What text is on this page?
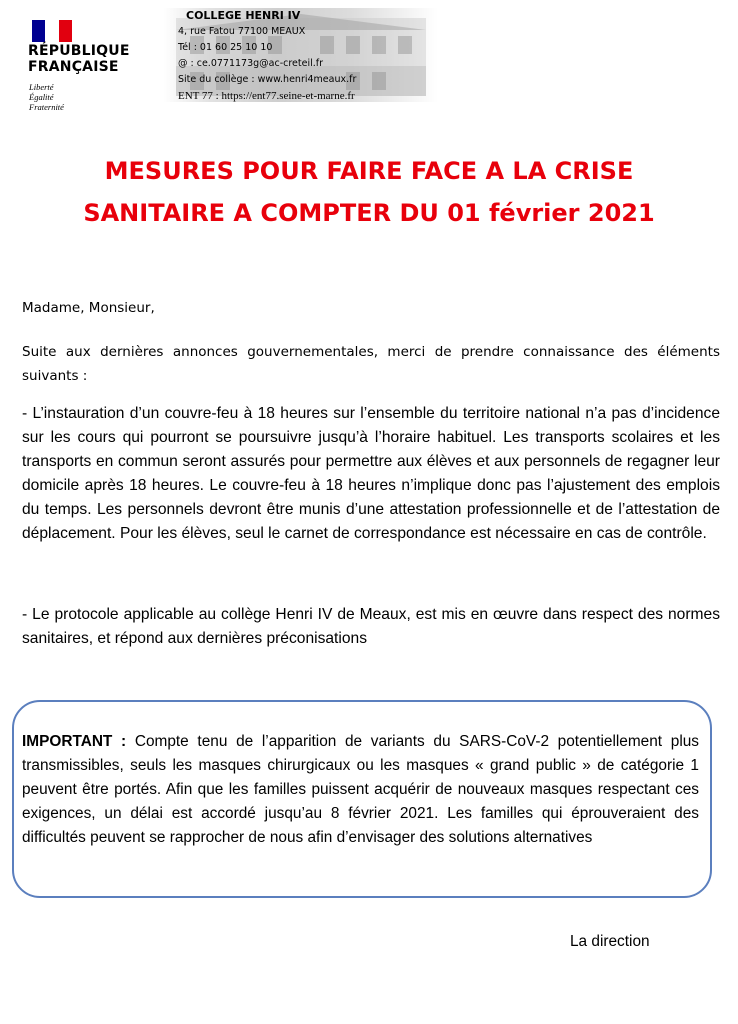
RÉPUBLIQUE
FRANÇAISE
Liberté
Égalité
Fraternité
COLLEGE HENRI IV
4, rue Fatou 77100 MEAUX
Tél : 01 60 25 10 10
@ : ce.0771173g@ac-creteil.fr
Site du collège : www.henri4meaux.fr
ENT 77 : https://ent77.seine-et-marne.fr
MESURES POUR FAIRE FACE A LA CRISE
SANITAIRE A COMPTER DU 01 février 2021
Madame, Monsieur,
Suite aux dernières annonces gouvernementales, merci de prendre connaissance des éléments suivants :
- L’instauration d’un couvre-feu à 18 heures sur l’ensemble du territoire national n’a pas d’incidence sur les cours qui pourront se poursuivre jusqu’à l’horaire habituel. Les transports scolaires et les transports en commun seront assurés pour permettre aux élèves et aux personnels de regagner leur domicile après 18 heures. Le couvre-feu à 18 heures n’implique donc pas l’ajustement des emplois du temps. Les personnels devront être munis d’une attestation professionnelle et de l’attestation de déplacement. Pour les élèves, seul le carnet de correspondance est nécessaire en cas de contrôle.
- Le protocole applicable au collège Henri IV de Meaux, est mis en œuvre dans respect des normes sanitaires, et répond aux dernières préconisations
IMPORTANT : Compte tenu de l’apparition de variants du SARS-CoV-2 potentiellement plus transmissibles, seuls les masques chirurgicaux ou les masques « grand public » de catégorie 1 peuvent être portés. Afin que les familles puissent acquérir de nouveaux masques respectant ces exigences, un délai est accordé jusqu’au 8 février 2021. Les familles qui éprouveraient des difficultés peuvent se rapprocher de nous afin d’envisager des solutions alternatives
La direction
